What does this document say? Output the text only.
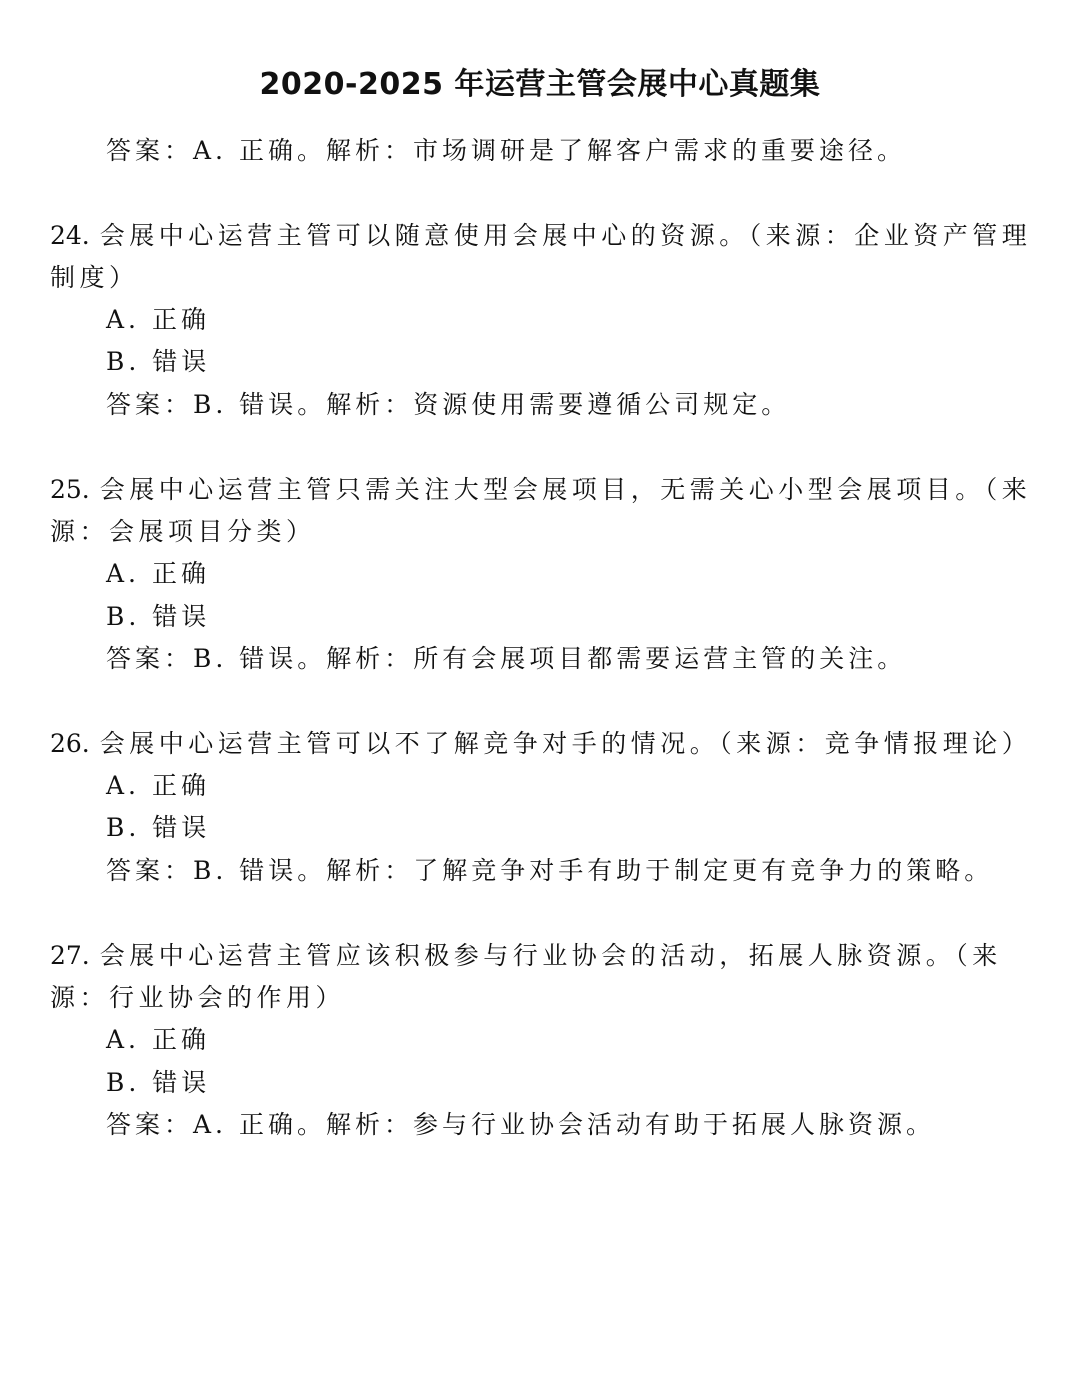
2020-2025 年运营主管会展中心真题集
答案：A. 正确。解析：市场调研是了解客户需求的重要途径。
24. 会展中心运营主管可以随意使用会展中心的资源。（来源：企业资产管理制度）
A. 正确
B. 错误
答案：B. 错误。解析：资源使用需要遵循公司规定。
25. 会展中心运营主管只需关注大型会展项目，无需关心小型会展项目。（来源：会展项目分类）
A. 正确
B. 错误
答案：B. 错误。解析：所有会展项目都需要运营主管的关注。
26. 会展中心运营主管可以不了解竞争对手的情况。（来源：竞争情报理论）
A. 正确
B. 错误
答案：B. 错误。解析：了解竞争对手有助于制定更有竞争力的策略。
27. 会展中心运营主管应该积极参与行业协会的活动，拓展人脉资源。（来源：行业协会的作用）
A. 正确
B. 错误
答案：A. 正确。解析：参与行业协会活动有助于拓展人脉资源。
